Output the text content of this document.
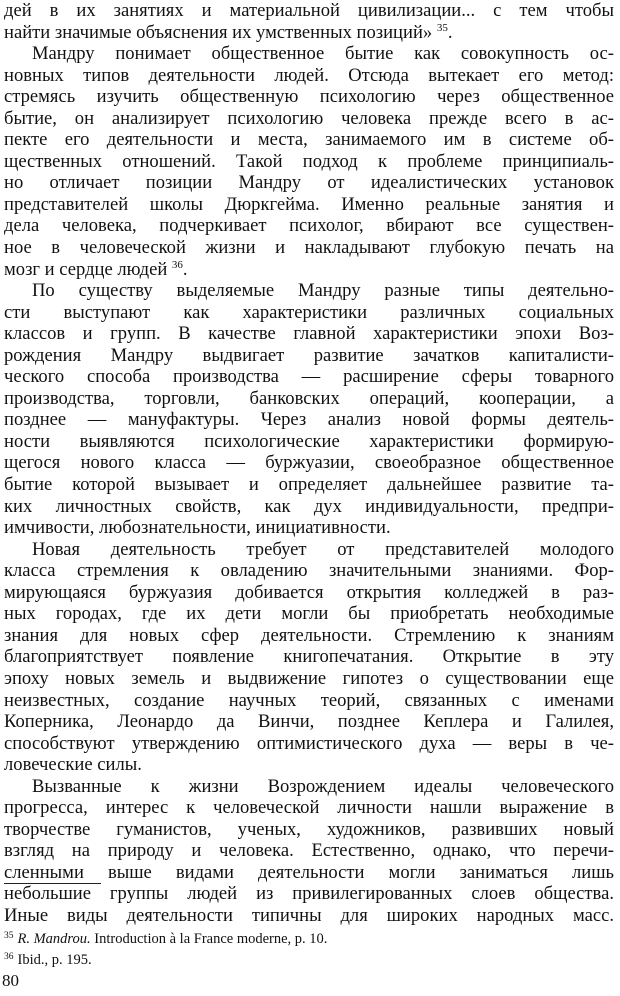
дей в их занятиях и материальной цивилизации... с тем чтобы
найти значимые объяснения их умственных позиций» $^{35}$.
Мандру понимает общественное бытие как совокупность ос-
новных типов деятельности людей. Отсюда вытекает его метод:
стремясь изучить общественную психологию через общественное
бытие, он анализирует психологию человека прежде всего в ас-
пекте его деятельности и места, занимаемого им в системе об-
щественных отношений. Такой подход к проблеме принципиаль-
но отличает позиции Мандру от идеалистических установок
представителей школы Дюркгейма. Именно реальные занятия и
дела человека, подчеркивает психолог, вбирают все существен-
ное в человеческой жизни и накладывают глубокую печать на
мозг и сердце людей $^{36}$.
По существу выделяемые Мандру разные типы деятельно-
сти выступают как характеристики различных социальных
классов и групп. В качестве главной характеристики эпохи Воз-
рождения Мандру выдвигает развитие зачатков капиталисти-
ческого способа производства — расширение сферы товарного
производства, торговли, банковских операций, кооперации, а
позднее — мануфактуры. Через анализ новой формы деятель-
ности выявляются психологические характеристики формирую-
щегося нового класса — буржуазии, своеобразное общественное
бытие которой вызывает и определяет дальнейшее развитие та-
ких личностных свойств, как дух индивидуальности, предпри-
имчивости, любознательности, инициативности.
Новая деятельность требует от представителей молодого
класса стремления к овладению значительными знаниями. Фор-
мирующаяся буржуазия добивается открытия колледжей в раз-
ных городах, где их дети могли бы приобретать необходимые
знания для новых сфер деятельности. Стремлению к знаниям
благоприятствует появление книгопечатания. Открытие в эту
эпоху новых земель и выдвижение гипотез о существовании еще
неизвестных, создание научных теорий, связанных с именами
Коперника, Леонардо да Винчи, позднее Кеплера и Галилея,
способствуют утверждению оптимистического духа — веры в че-
ловеческие силы.
Вызванные к жизни Возрождением идеалы человеческого
прогресса, интерес к человеческой личности нашли выражение в
творчестве гуманистов, ученых, художников, развивших новый
взгляд на природу и человека. Естественно, однако, что перечи-
сленными выше видами деятельности могли заниматься лишь
небольшие группы людей из привилегированных слоев общества.
Иные виды деятельности типичны для широких народных масс.
$^{35}$ R. Mandrou. Introduction à la France moderne, p. 10.
$^{36}$ Ibid., p. 195.
80
